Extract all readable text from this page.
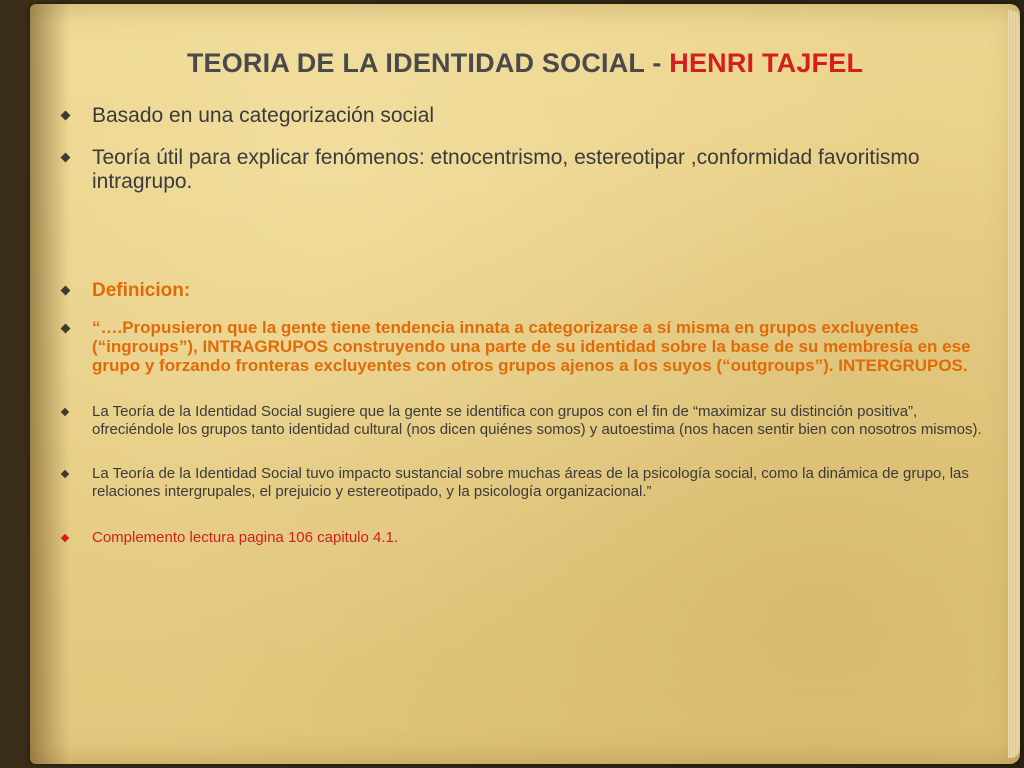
TEORIA DE LA IDENTIDAD SOCIAL - HENRI TAJFEL
Basado en una categorización social
Teoría útil para explicar fenómenos: etnocentrismo, estereotipar ,conformidad favoritismo intragrupo.
Definicion:
“….Propusieron que la gente tiene tendencia innata a categorizarse a sí misma en grupos excluyentes (“ingroups”), INTRAGRUPOS construyendo una parte de su identidad sobre la base de su membresía en ese grupo y forzando fronteras excluyentes con otros grupos ajenos a los suyos (“outgroups”). INTERGRUPOS.
La Teoría de la Identidad Social sugiere que la gente se identifica con grupos con el fin de “maximizar su distinción positiva”, ofreciéndole los grupos tanto identidad cultural (nos dicen quiénes somos) y autoestima (nos hacen sentir bien con nosotros mismos).
La Teoría de la Identidad Social tuvo impacto sustancial sobre muchas áreas de la psicología social, como la dinámica de grupo, las relaciones intergrupales, el prejuicio y estereotipado, y la psicología organizacional.”
Complemento lectura pagina 106 capitulo 4.1.
